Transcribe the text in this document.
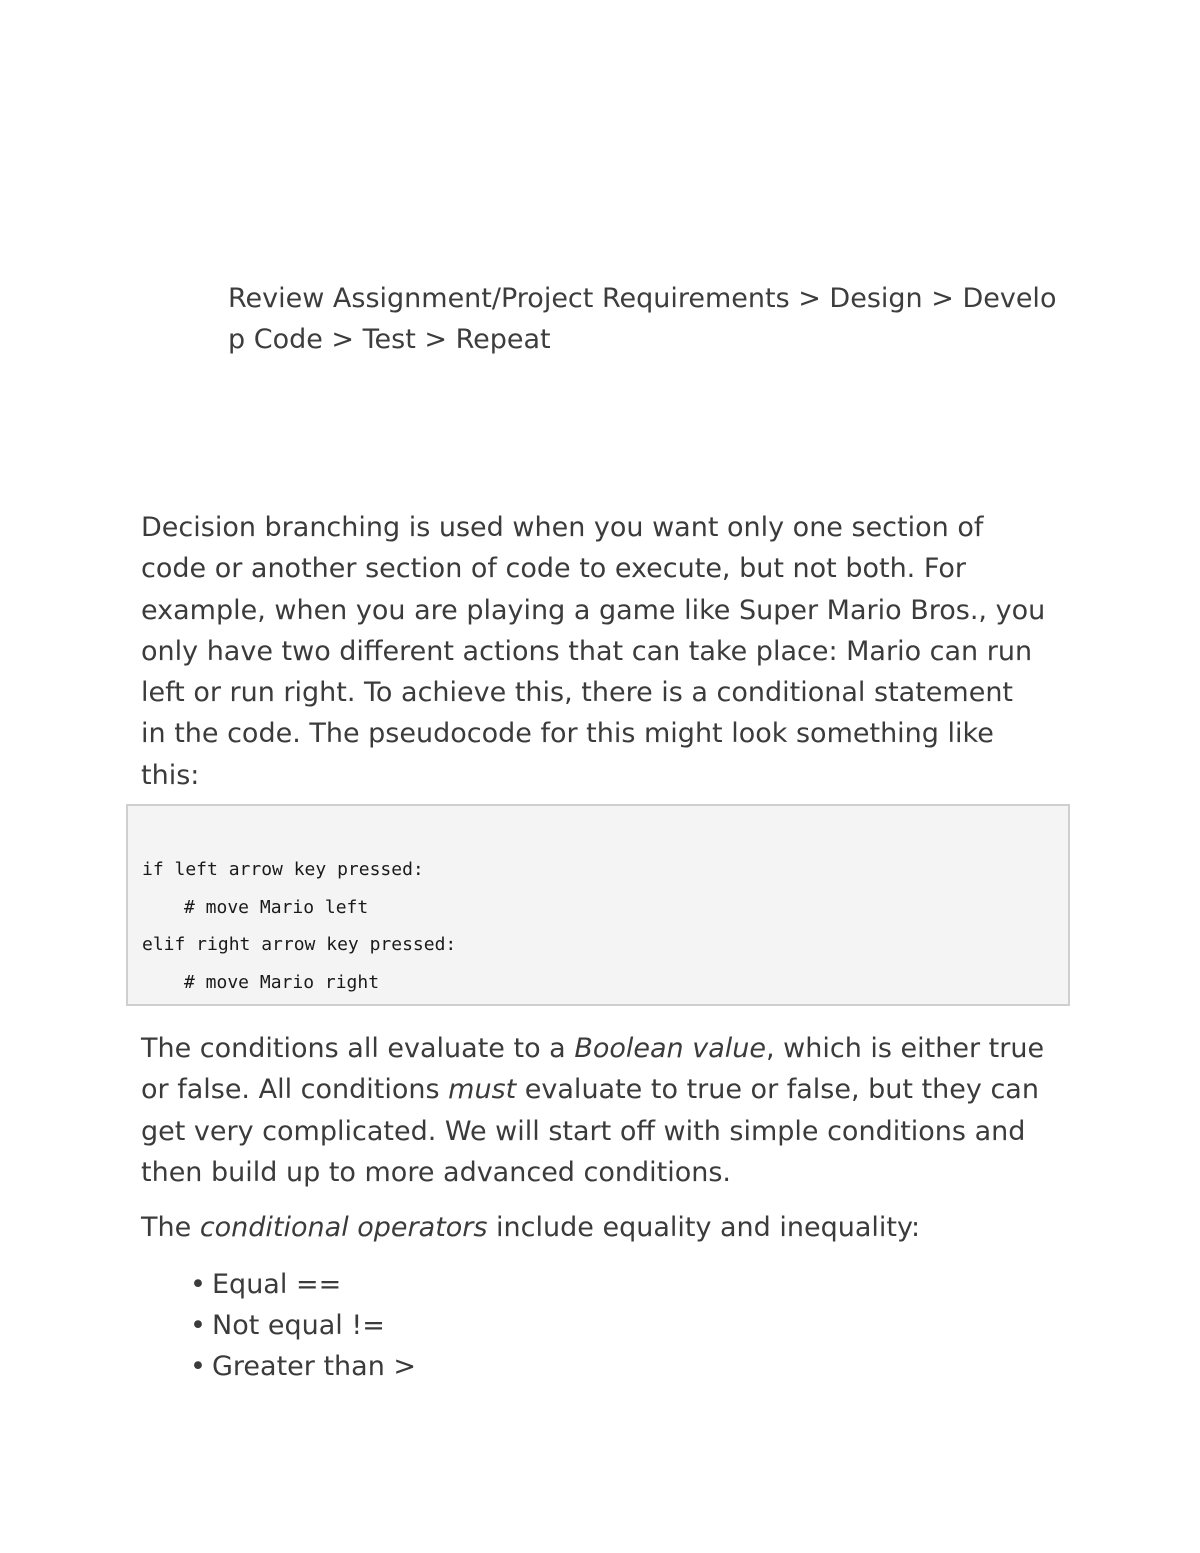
Review Assignment/Project Requirements > Design > Develop Code > Test > Repeat

Decision branching is used when you want only one section of code or another section of code to execute, but not both. For example, when you are playing a game like Super Mario Bros., you only have two different actions that can take place: Mario can run left or run right. To achieve this, there is a conditional statement in the code. The pseudocode for this might look something like this:

if left arrow key pressed:
# move Mario left
elif right arrow key pressed:
# move Mario right

The conditions all evaluate to a Boolean value, which is either true or false. All conditions must evaluate to true or false, but they can get very complicated. We will start off with simple conditions and then build up to more advanced conditions.

The conditional operators include equality and inequality:

• Equal ==
• Not equal !=
• Greater than >
